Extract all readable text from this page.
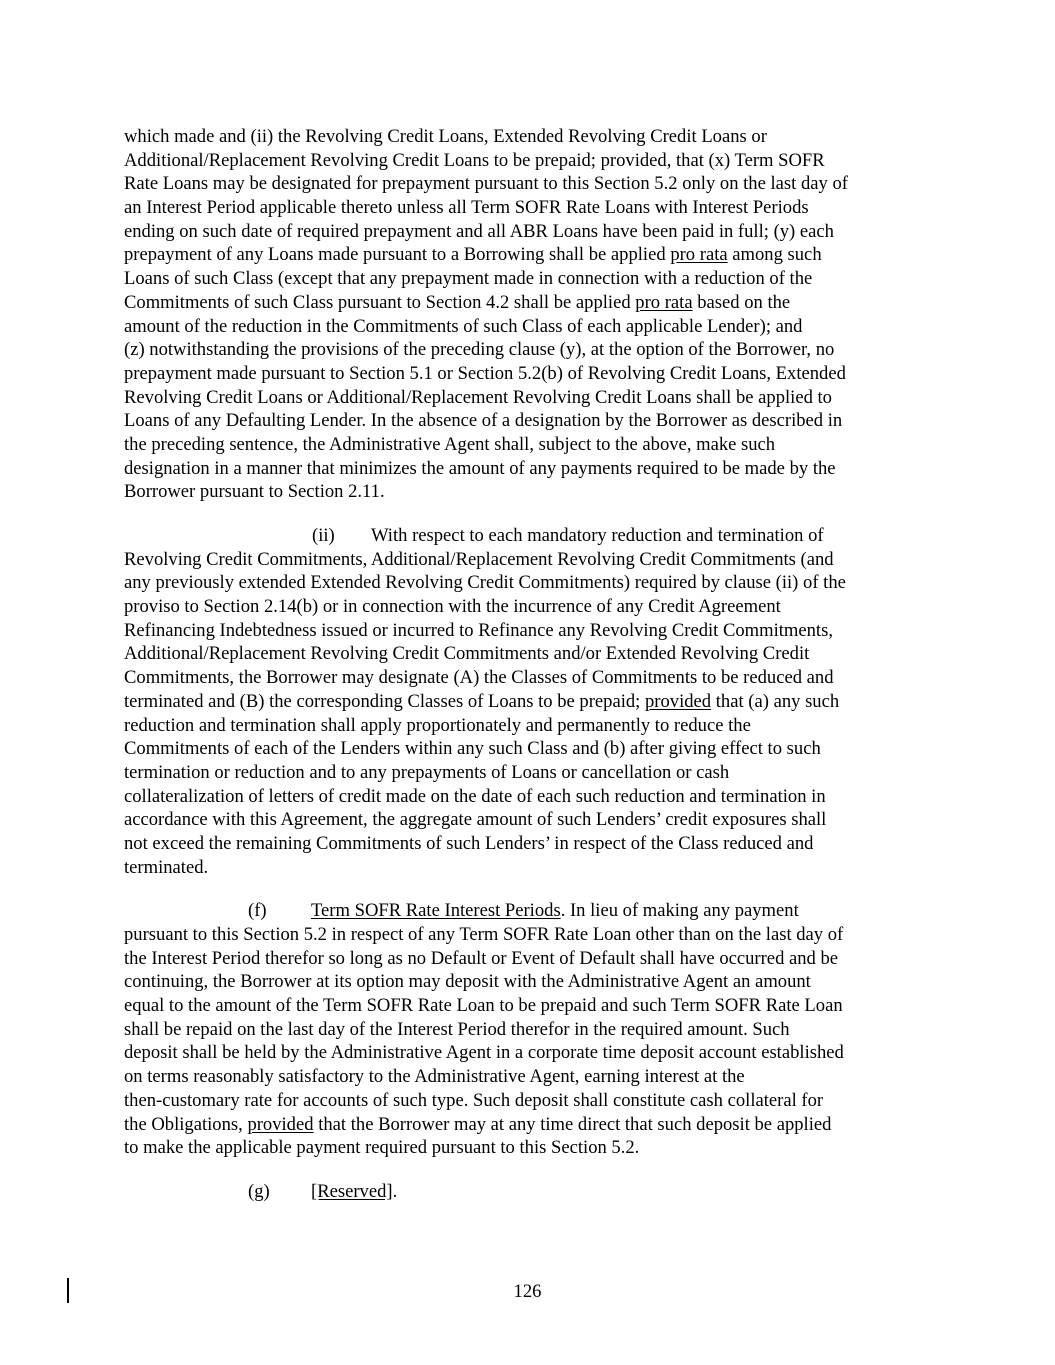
which made and (ii) the Revolving Credit Loans, Extended Revolving Credit Loans or
Additional/Replacement Revolving Credit Loans to be prepaid; provided, that (x) Term SOFR
Rate Loans may be designated for prepayment pursuant to this Section 5.2 only on the last day of
an Interest Period applicable thereto unless all Term SOFR Rate Loans with Interest Periods
ending on such date of required prepayment and all ABR Loans have been paid in full; (y) each
prepayment of any Loans made pursuant to a Borrowing shall be applied pro rata among such
Loans of such Class (except that any prepayment made in connection with a reduction of the
Commitments of such Class pursuant to Section 4.2 shall be applied pro rata based on the
amount of the reduction in the Commitments of such Class of each applicable Lender); and
(z) notwithstanding the provisions of the preceding clause (y), at the option of the Borrower, no
prepayment made pursuant to Section 5.1 or Section 5.2(b) of Revolving Credit Loans, Extended
Revolving Credit Loans or Additional/Replacement Revolving Credit Loans shall be applied to
Loans of any Defaulting Lender. In the absence of a designation by the Borrower as described in
the preceding sentence, the Administrative Agent shall, subject to the above, make such
designation in a manner that minimizes the amount of any payments required to be made by the
Borrower pursuant to Section 2.11.
(ii) With respect to each mandatory reduction and termination of
Revolving Credit Commitments, Additional/Replacement Revolving Credit Commitments (and
any previously extended Extended Revolving Credit Commitments) required by clause (ii) of the
proviso to Section 2.14(b) or in connection with the incurrence of any Credit Agreement
Refinancing Indebtedness issued or incurred to Refinance any Revolving Credit Commitments,
Additional/Replacement Revolving Credit Commitments and/or Extended Revolving Credit
Commitments, the Borrower may designate (A) the Classes of Commitments to be reduced and
terminated and (B) the corresponding Classes of Loans to be prepaid; provided that (a) any such
reduction and termination shall apply proportionately and permanently to reduce the
Commitments of each of the Lenders within any such Class and (b) after giving effect to such
termination or reduction and to any prepayments of Loans or cancellation or cash
collateralization of letters of credit made on the date of each such reduction and termination in
accordance with this Agreement, the aggregate amount of such Lenders’ credit exposures shall
not exceed the remaining Commitments of such Lenders’ in respect of the Class reduced and
terminated.
(f) Term SOFR Rate Interest Periods. In lieu of making any payment
pursuant to this Section 5.2 in respect of any Term SOFR Rate Loan other than on the last day of
the Interest Period therefor so long as no Default or Event of Default shall have occurred and be
continuing, the Borrower at its option may deposit with the Administrative Agent an amount
equal to the amount of the Term SOFR Rate Loan to be prepaid and such Term SOFR Rate Loan
shall be repaid on the last day of the Interest Period therefor in the required amount. Such
deposit shall be held by the Administrative Agent in a corporate time deposit account established
on terms reasonably satisfactory to the Administrative Agent, earning interest at the
then-customary rate for accounts of such type. Such deposit shall constitute cash collateral for
the Obligations, provided that the Borrower may at any time direct that such deposit be applied
to make the applicable payment required pursuant to this Section 5.2.
(g) [Reserved].
126
